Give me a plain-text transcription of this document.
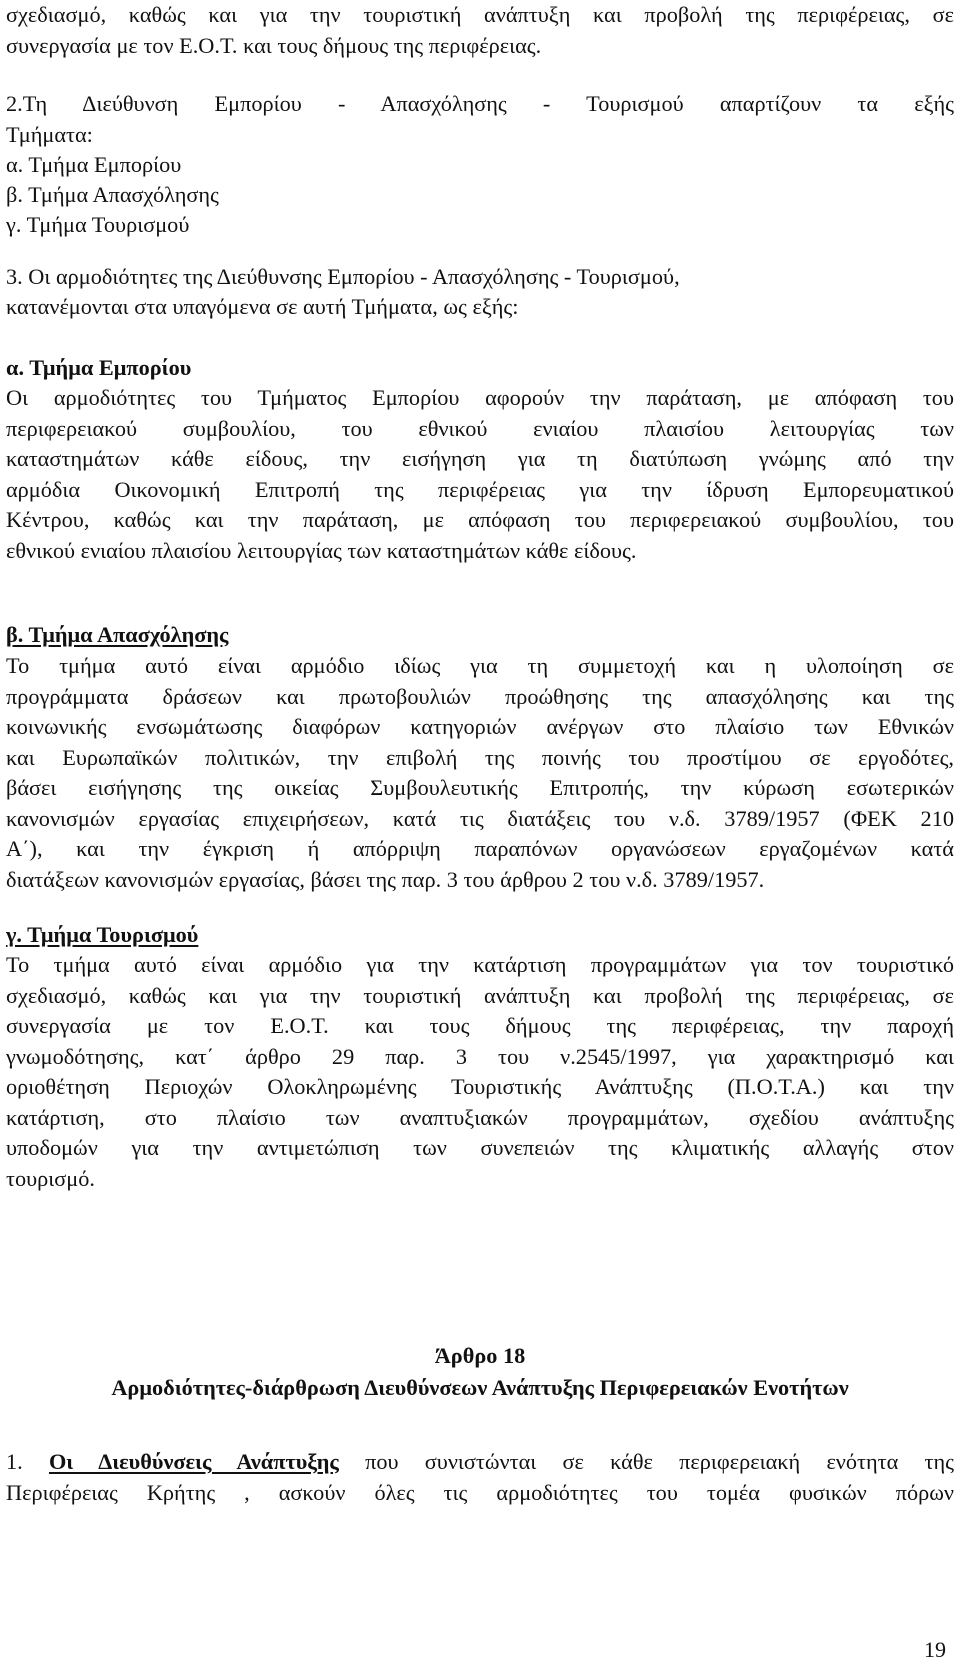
σχεδιασμό, καθώς και για την τουριστική ανάπτυξη και προβολή της περιφέρειας, σε
συνεργασία με τον Ε.Ο.Τ. και τους δήμους της περιφέρειας.
2.Τη Διεύθυνση Εμπορίου - Απασχόλησης - Τουρισμού απαρτίζουν τα εξής
Τμήματα:
α. Τμήμα Εμπορίου
β. Τμήμα Απασχόλησης
γ. Τμήμα Τουρισμού
3. Οι αρμοδιότητες της Διεύθυνσης Εμπορίου - Απασχόλησης - Τουρισμού,
κατανέμονται στα υπαγόμενα σε αυτή Τμήματα, ως εξής:
α. Τμήμα Εμπορίου
Οι αρμοδιότητες του Τμήματος Εμπορίου αφορούν την παράταση, με απόφαση του
περιφερειακού συμβουλίου, του εθνικού ενιαίου πλαισίου λειτουργίας των
καταστημάτων κάθε είδους, την εισήγηση για τη διατύπωση γνώμης από την
αρμόδια Οικονομική Επιτροπή της περιφέρειας για την ίδρυση Εμπορευματικού
Κέντρου, καθώς και την παράταση, με απόφαση του περιφερειακού συμβουλίου, του
εθνικού ενιαίου πλαισίου λειτουργίας των καταστημάτων κάθε είδους.
β. Τμήμα Απασχόλησης
Το τμήμα αυτό είναι αρμόδιο ιδίως για τη συμμετοχή και η υλοποίηση σε
προγράμματα δράσεων και πρωτοβουλιών προώθησης της απασχόλησης και της
κοινωνικής ενσωμάτωσης διαφόρων κατηγοριών ανέργων στο πλαίσιο των Εθνικών
και Ευρωπαϊκών πολιτικών, την επιβολή της ποινής του προστίμου σε εργοδότες,
βάσει εισήγησης της οικείας Συμβουλευτικής Επιτροπής, την κύρωση εσωτερικών
κανονισμών εργασίας επιχειρήσεων, κατά τις διατάξεις του ν.δ. 3789/1957 (ΦΕΚ 210
Α΄), και την έγκριση ή απόρριψη παραπόνων οργανώσεων εργαζομένων κατά
διατάξεων κανονισμών εργασίας, βάσει της παρ. 3 του άρθρου 2 του ν.δ. 3789/1957.
γ. Τμήμα Τουρισμού
Το τμήμα αυτό είναι αρμόδιο για την κατάρτιση προγραμμάτων για τον τουριστικό
σχεδιασμό, καθώς και για την τουριστική ανάπτυξη και προβολή της περιφέρειας, σε
συνεργασία με τον Ε.Ο.Τ. και τους δήμους της περιφέρειας, την παροχή
γνωμοδότησης, κατ΄ άρθρο 29 παρ. 3 του ν.2545/1997, για χαρακτηρισμό και
οριοθέτηση Περιοχών Ολοκληρωμένης Τουριστικής Ανάπτυξης (Π.Ο.Τ.Α.) και την
κατάρτιση, στο πλαίσιο των αναπτυξιακών προγραμμάτων, σχεδίου ανάπτυξης
υποδομών για την αντιμετώπιση των συνεπειών της κλιματικής αλλαγής στον
τουρισμό.
Άρθρο 18
Αρμοδιότητες-διάρθρωση Διευθύνσεων Ανάπτυξης Περιφερειακών Ενοτήτων
1. Οι Διευθύνσεις Ανάπτυξης που συνιστώνται σε κάθε περιφερειακή ενότητα της
Περιφέρειας Κρήτης , ασκούν όλες τις αρμοδιότητες του τομέα φυσικών πόρων
19
